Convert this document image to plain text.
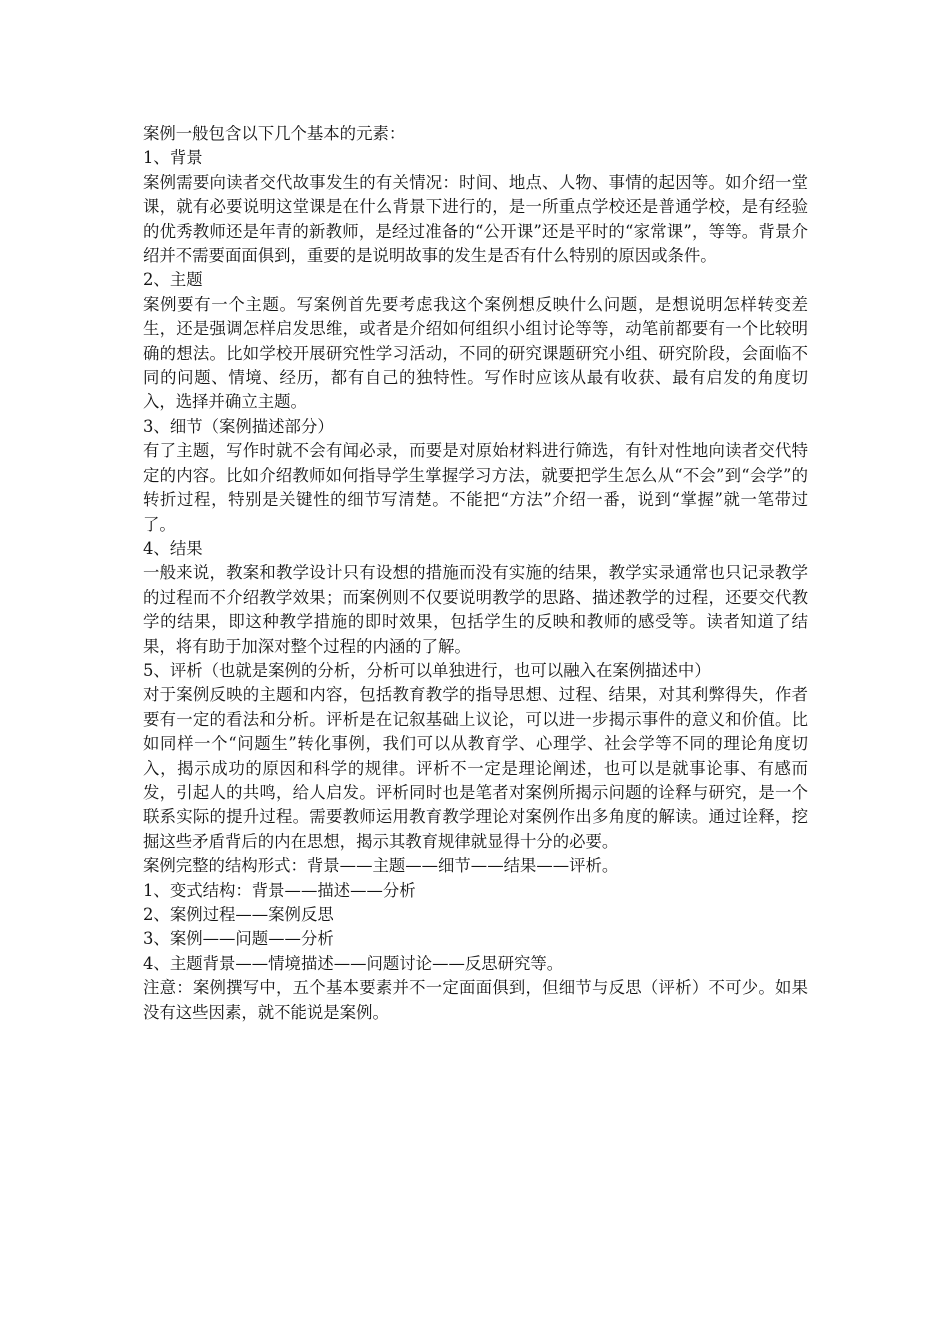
案例一般包含以下几个基本的元素：

1、背景

案例需要向读者交代故事发生的有关情况：时间、地点、人物、事情的起因等。如介绍一堂课，就有必要说明这堂课是在什么背景下进行的，是一所重点学校还是普通学校，是有经验的优秀教师还是年青的新教师，是经过准备的“公开课”还是平时的“家常课”，等等。背景介绍并不需要面面俱到，重要的是说明故事的发生是否有什么特别的原因或条件。

2、主题

案例要有一个主题。写案例首先要考虑我这个案例想反映什么问题，是想说明怎样转变差生，还是强调怎样启发思维，或者是介绍如何组织小组讨论等等，动笔前都要有一个比较明确的想法。比如学校开展研究性学习活动，不同的研究课题研究小组、研究阶段，会面临不同的问题、情境、经历，都有自己的独特性。写作时应该从最有收获、最有启发的角度切入，选择并确立主题。

3、细节（案例描述部分）

有了主题，写作时就不会有闻必录，而要是对原始材料进行筛选，有针对性地向读者交代特定的内容。比如介绍教师如何指导学生掌握学习方法，就要把学生怎么从“不会”到“会学”的转折过程，特别是关键性的细节写清楚。不能把“方法”介绍一番，说到“掌握”就一笔带过了。

4、结果

一般来说，教案和教学设计只有设想的措施而没有实施的结果，教学实录通常也只记录教学的过程而不介绍教学效果；而案例则不仅要说明教学的思路、描述教学的过程，还要交代教学的结果，即这种教学措施的即时效果，包括学生的反映和教师的感受等。读者知道了结果，将有助于加深对整个过程的内涵的了解。

5、评析（也就是案例的分析，分析可以单独进行，也可以融入在案例描述中）

对于案例反映的主题和内容，包括教育教学的指导思想、过程、结果，对其利弊得失，作者要有一定的看法和分析。评析是在记叙基础上议论，可以进一步揭示事件的意义和价值。比如同样一个“问题生”转化事例，我们可以从教育学、心理学、社会学等不同的理论角度切入，揭示成功的原因和科学的规律。评析不一定是理论阐述，也可以是就事论事、有感而发，引起人的共鸣，给人启发。评析同时也是笔者对案例所揭示问题的诠释与研究，是一个联系实际的提升过程。需要教师运用教育教学理论对案例作出多角度的解读。通过诠释，挖掘这些矛盾背后的内在思想，揭示其教育规律就显得十分的必要。

案例完整的结构形式：背景——主题——细节——结果——评析。

1、变式结构：背景——描述——分析

2、案例过程——案例反思

3、案例——问题——分析

4、主题背景——情境描述——问题讨论——反思研究等。

注意：案例撰写中，五个基本要素并不一定面面俱到，但细节与反思（评析）不可少。如果没有这些因素，就不能说是案例。
